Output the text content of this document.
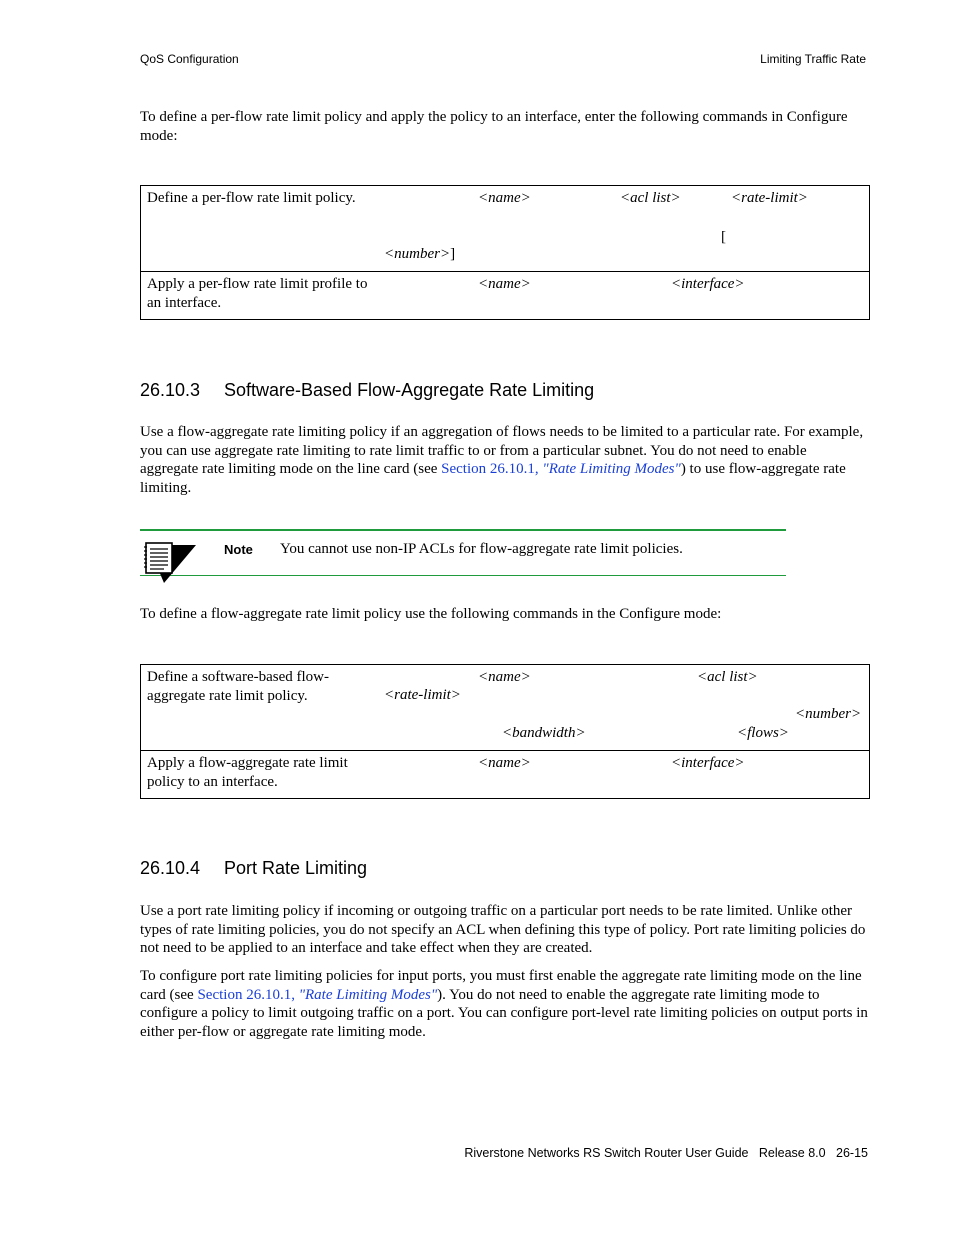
QoS Configuration	Limiting Traffic Rate

To define a per-flow rate limit policy and apply the policy to an interface, enter the following commands in Configure mode:

Define a per-flow rate limit policy.	<name>	<acl list>	<rate-limit>
[
<number>]
Apply a per-flow rate limit profile to an interface.
<name>	<interface>
26.10.3 Software-Based Flow-Aggregate Rate Limiting

Use a flow-aggregate rate limiting policy if an aggregation of flows needs to be limited to a particular rate. For example, you can use aggregate rate limiting to rate limit traffic to or from a particular subnet. You do not need to enable aggregate rate limiting mode on the line card (see Section 26.10.1, "Rate Limiting Modes") to use flow-aggregate rate limiting.

Note You cannot use non-IP ACLs for flow-aggregate rate limit policies.

To define a flow-aggregate rate limit policy use the following commands in the Configure mode:

Define a software-based flow-aggregate rate limit policy.
<name>	<acl list>
<rate-limit>
<number>
<bandwidth>	<flows>
Apply a flow-aggregate rate limit policy to an interface.
<name>	<interface>
26.10.4 Port Rate Limiting

Use a port rate limiting policy if incoming or outgoing traffic on a particular port needs to be rate limited. Unlike other types of rate limiting policies, you do not specify an ACL when defining this type of policy. Port rate limiting policies do not need to be applied to an interface and take effect when they are created.

To configure port rate limiting policies for input ports, you must first enable the aggregate rate limiting mode on the line card (see Section 26.10.1, "Rate Limiting Modes"). You do not need to enable the aggregate rate limiting mode to configure a policy to limit outgoing traffic on a port. You can configure port-level rate limiting policies on output ports in either per-flow or aggregate rate limiting mode.

Riverstone Networks RS Switch Router User Guide   Release 8.0   26-15
